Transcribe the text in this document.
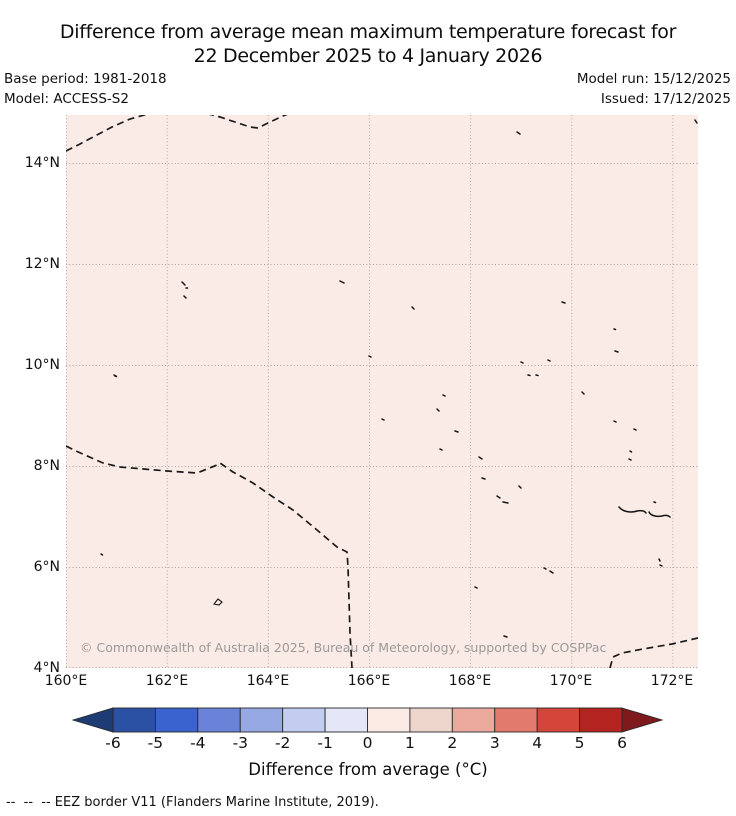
Difference from average mean maximum temperature forecast for
22 December 2025 to 4 January 2026
Base period: 1981-2018
Model: ACCESS-S2
Model run: 15/12/2025
Issued: 17/12/2025
14°N
12°N
10°N
8°N
6°N
4°N
160°E	162°E	164°E	166°E	168°E	170°E	172°E
© Commonwealth of Australia 2025, Bureau of Meteorology, supported by COSPPac
-6	-5	-4	-3	-2	-1	0	1	2	3	4	5	6
Difference from average (°C)
--  --  -- EEZ border V11 (Flanders Marine Institute, 2019).
